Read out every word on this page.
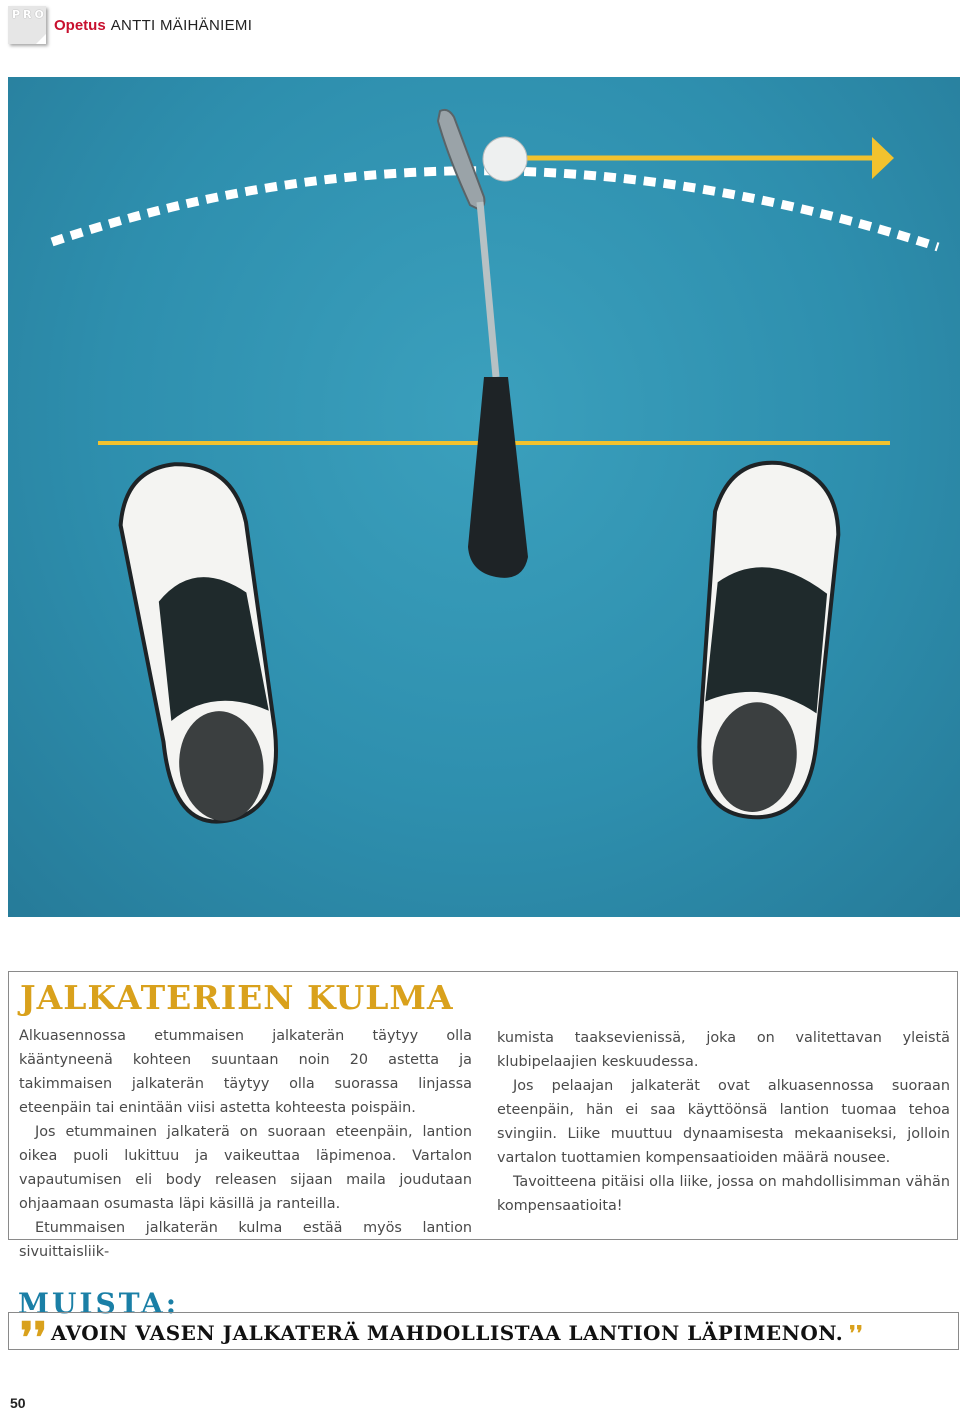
PRO
Opetus ANTTI MÄIHÄNIEMI
JALKATERIEN KULMA

Alkuasennossa etummaisen jalkaterän täytyy olla kääntyneenä kohteen suuntaan noin 20 astetta ja takimmaisen jalkaterän täytyy olla suorassa linjassa eteenpäin tai enintään viisi astetta kohteesta poispäin.

Jos etummainen jalkaterä on suoraan eteenpäin, lantion oikea puoli lukittuu ja vaikeuttaa läpimenoa. Vartalon vapautumisen eli body releasen sijaan maila joudutaan ohjaamaan osumasta läpi käsillä ja ranteilla.

Etummaisen jalkaterän kulma estää myös lantion sivuittaisliik-

kumista taaksevienissä, joka on valitettavan yleistä klubipelaajien keskuudessa.

Jos pelaajan jalkaterät ovat alkuasennossa suoraan eteenpäin, hän ei saa käyttöönsä lantion tuomaa tehoa svingiin. Liike muuttuu dynaamisesta mekaaniseksi, jolloin vartalon tuottamien kompensaatioiden määrä nousee.

Tavoitteena pitäisi olla liike, jossa on mahdollisimman vähän kompensaatioita!

MUISTA:
❜❜ AVOIN VASEN JALKATERÄ MAHDOLLISTAA LANTION LÄPIMENON. ❜❜
50
